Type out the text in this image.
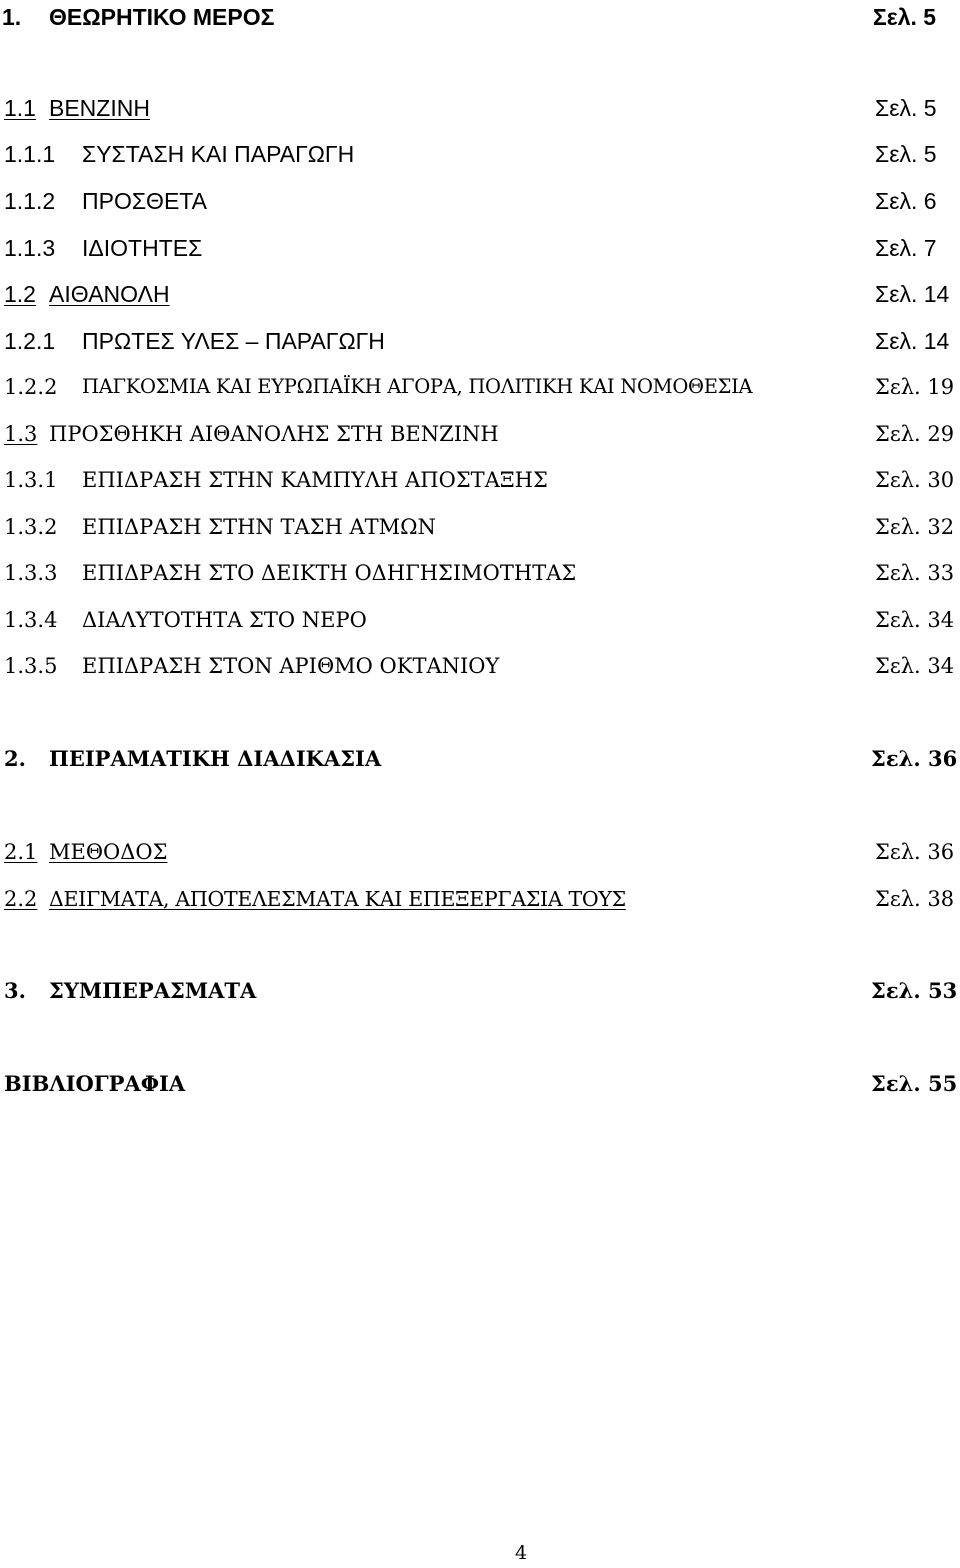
1. ΘΕΩΡΗΤΙΚΟ ΜΕΡΟΣ	Σελ. 5
1.1 ΒΕΝΖΙΝΗ	Σελ. 5
1.1.1 ΣΥΣΤΑΣΗ ΚΑΙ ΠΑΡΑΓΩΓΗ	Σελ. 5
1.1.2 ΠΡΟΣΘΕΤΑ	Σελ. 6
1.1.3 ΙΔΙΟΤΗΤΕΣ	Σελ. 7
1.2 ΑΙΘΑΝΟΛΗ	Σελ. 14
1.2.1 ΠΡΩΤΕΣ ΥΛΕΣ – ΠΑΡΑΓΩΓΗ	Σελ. 14
1.2.2 ΠΑΓΚΟΣΜΙΑ ΚΑΙ ΕΥΡΩΠΑΪΚΗ ΑΓΟΡΑ, ΠΟΛΙΤΙΚΗ ΚΑΙ ΝΟΜΟΘΕΣΙΑ	Σελ. 19
1.3 ΠΡΟΣΘΗΚΗ ΑΙΘΑΝΟΛΗΣ ΣΤΗ ΒΕΝΖΙΝΗ	Σελ. 29
1.3.1 ΕΠΙΔΡΑΣΗ ΣΤΗΝ ΚΑΜΠΥΛΗ ΑΠΟΣΤΑΞΗΣ	Σελ. 30
1.3.2 ΕΠΙΔΡΑΣΗ ΣΤΗΝ ΤΑΣΗ ΑΤΜΩΝ	Σελ. 32
1.3.3 ΕΠΙΔΡΑΣΗ ΣΤΟ ΔΕΙΚΤΗ ΟΔΗΓΗΣΙΜΟΤΗΤΑΣ	Σελ. 33
1.3.4 ΔΙΑΛΥΤΟΤΗΤΑ ΣΤΟ ΝΕΡΟ	Σελ. 34
1.3.5 ΕΠΙΔΡΑΣΗ ΣΤΟΝ ΑΡΙΘΜΟ ΟΚΤΑΝΙΟΥ	Σελ. 34
2. ΠΕΙΡΑΜΑΤΙΚΗ ΔΙΑΔΙΚΑΣΙΑ	Σελ. 36
2.1 ΜΕΘΟΔΟΣ	Σελ. 36
2.2 ΔΕΙΓΜΑΤΑ, ΑΠΟΤΕΛΕΣΜΑΤΑ ΚΑΙ ΕΠΕΞΕΡΓΑΣΙΑ ΤΟΥΣ	Σελ. 38
3. ΣΥΜΠΕΡΑΣΜΑΤΑ	Σελ. 53
ΒΙΒΛΙΟΓΡΑΦΙΑ	Σελ. 55
4
